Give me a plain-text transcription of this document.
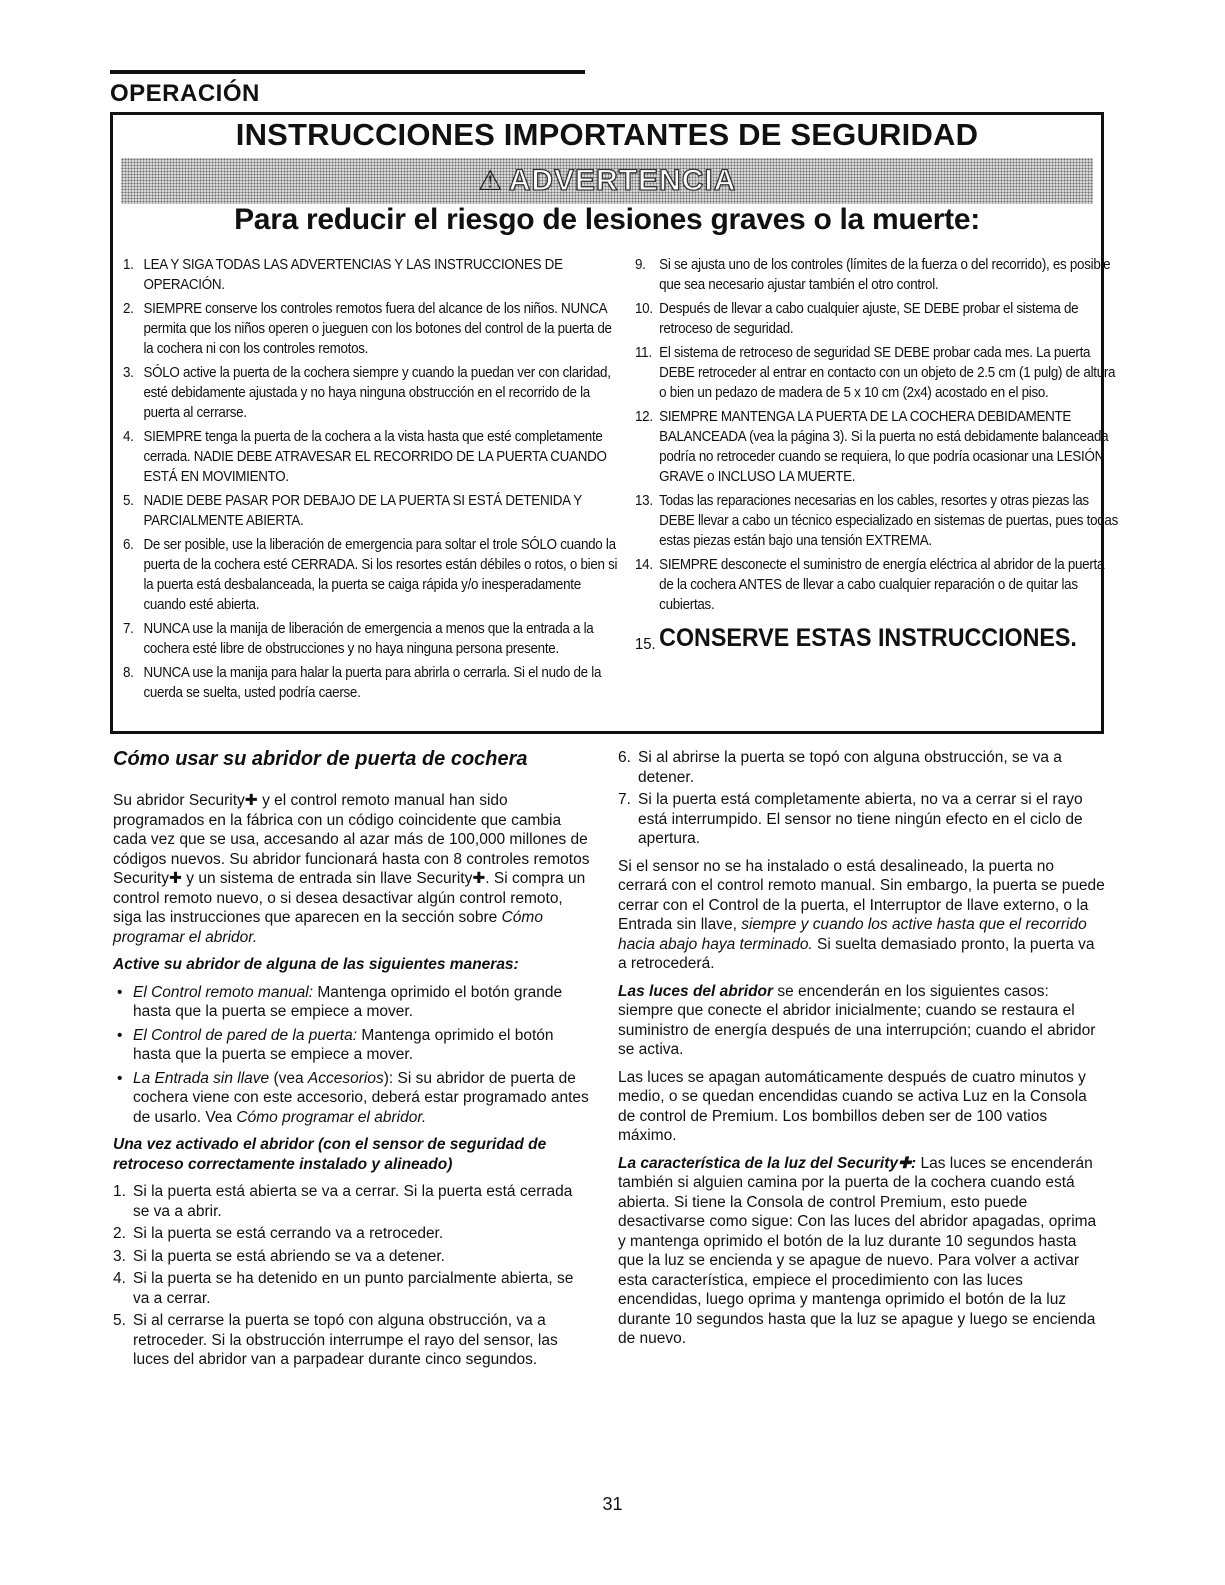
OPERACIÓN
INSTRUCCIONES IMPORTANTES DE SEGURIDAD
⚠ ADVERTENCIA
Para reducir el riesgo de lesiones graves o la muerte:
1. LEA Y SIGA TODAS LAS ADVERTENCIAS Y LAS INSTRUCCIONES DE OPERACIÓN.
2. SIEMPRE conserve los controles remotos fuera del alcance de los niños. NUNCA permita que los niños operen o jueguen con los botones del control de la puerta de la cochera ni con los controles remotos.
3. SÓLO active la puerta de la cochera siempre y cuando la puedan ver con claridad, esté debidamente ajustada y no haya ninguna obstrucción en el recorrido de la puerta al cerrarse.
4. SIEMPRE tenga la puerta de la cochera a la vista hasta que esté completamente cerrada. NADIE DEBE ATRAVESAR EL RECORRIDO DE LA PUERTA CUANDO ESTÁ EN MOVIMIENTO.
5. NADIE DEBE PASAR POR DEBAJO DE LA PUERTA SI ESTÁ DETENIDA Y PARCIALMENTE ABIERTA.
6. De ser posible, use la liberación de emergencia para soltar el trole SÓLO cuando la puerta de la cochera esté CERRADA. Si los resortes están débiles o rotos, o bien si la puerta está desbalanceada, la puerta se caiga rápida y/o inesperadamente cuando esté abierta.
7. NUNCA use la manija de liberación de emergencia a menos que la entrada a la cochera esté libre de obstrucciones y no haya ninguna persona presente.
8. NUNCA use la manija para halar la puerta para abrirla o cerrarla. Si el nudo de la cuerda se suelta, usted podría caerse.
9. Si se ajusta uno de los controles (límites de la fuerza o del recorrido), es posible que sea necesario ajustar también el otro control.
10. Después de llevar a cabo cualquier ajuste, SE DEBE probar el sistema de retroceso de seguridad.
11. El sistema de retroceso de seguridad SE DEBE probar cada mes. La puerta DEBE retroceder al entrar en contacto con un objeto de 2.5 cm (1 pulg) de altura o bien un pedazo de madera de 5 x 10 cm (2x4) acostado en el piso.
12. SIEMPRE MANTENGA LA PUERTA DE LA COCHERA DEBIDAMENTE BALANCEADA (vea la página 3). Si la puerta no está debidamente balanceada podría no retroceder cuando se requiera, lo que podría ocasionar una LESIÓN GRAVE o INCLUSO LA MUERTE.
13. Todas las reparaciones necesarias en los cables, resortes y otras piezas las DEBE llevar a cabo un técnico especializado en sistemas de puertas, pues todas estas piezas están bajo una tensión EXTREMA.
14. SIEMPRE desconecte el suministro de energía eléctrica al abridor de la puerta de la cochera ANTES de llevar a cabo cualquier reparación o de quitar las cubiertas.
15. CONSERVE ESTAS INSTRUCCIONES.
Cómo usar su abridor de puerta de cochera

Su abridor Security✚ y el control remoto manual han sido programados en la fábrica con un código coincidente que cambia cada vez que se usa, accesando al azar más de 100,000 millones de códigos nuevos. Su abridor funcionará hasta con 8 controles remotos Security✚ y un sistema de entrada sin llave Security✚. Si compra un control remoto nuevo, o si desea desactivar algún control remoto, siga las instrucciones que aparecen en la sección sobre Cómo programar el abridor.

Active su abridor de alguna de las siguientes maneras:

• El Control remoto manual: Mantenga oprimido el botón grande hasta que la puerta se empiece a mover.
• El Control de pared de la puerta: Mantenga oprimido el botón hasta que la puerta se empiece a mover.
• La Entrada sin llave (vea Accesorios): Si su abridor de puerta de cochera viene con este accesorio, deberá estar programado antes de usarlo. Vea Cómo programar el abridor.

Una vez activado el abridor (con el sensor de seguridad de retroceso correctamente instalado y alineado)

1. Si la puerta está abierta se va a cerrar. Si la puerta está cerrada se va a abrir.
2. Si la puerta se está cerrando va a retroceder.
3. Si la puerta se está abriendo se va a detener.
4. Si la puerta se ha detenido en un punto parcialmente abierta, se va a cerrar.
5. Si al cerrarse la puerta se topó con alguna obstrucción, va a retroceder. Si la obstrucción interrumpe el rayo del sensor, las luces del abridor van a parpadear durante cinco segundos.
6. Si al abrirse la puerta se topó con alguna obstrucción, se va a detener.
7. Si la puerta está completamente abierta, no va a cerrar si el rayo está interrumpido. El sensor no tiene ningún efecto en el ciclo de apertura.

Si el sensor no se ha instalado o está desalineado, la puerta no cerrará con el control remoto manual. Sin embargo, la puerta se puede cerrar con el Control de la puerta, el Interruptor de llave externo, o la Entrada sin llave, siempre y cuando los active hasta que el recorrido hacia abajo haya terminado. Si suelta demasiado pronto, la puerta va a retrocederá.

Las luces del abridor se encenderán en los siguientes casos: siempre que conecte el abridor inicialmente; cuando se restaura el suministro de energía después de una interrupción; cuando el abridor se activa.

Las luces se apagan automáticamente después de cuatro minutos y medio, o se quedan encendidas cuando se activa Luz en la Consola de control de Premium. Los bombillos deben ser de 100 vatios máximo.

La característica de la luz del Security✚: Las luces se encenderán también si alguien camina por la puerta de la cochera cuando está abierta. Si tiene la Consola de control Premium, esto puede desactivarse como sigue: Con las luces del abridor apagadas, oprima y mantenga oprimido el botón de la luz durante 10 segundos hasta que la luz se encienda y se apague de nuevo. Para volver a activar esta característica, empiece el procedimiento con las luces encendidas, luego oprima y mantenga oprimido el botón de la luz durante 10 segundos hasta que la luz se apague y luego se encienda de nuevo.

31
